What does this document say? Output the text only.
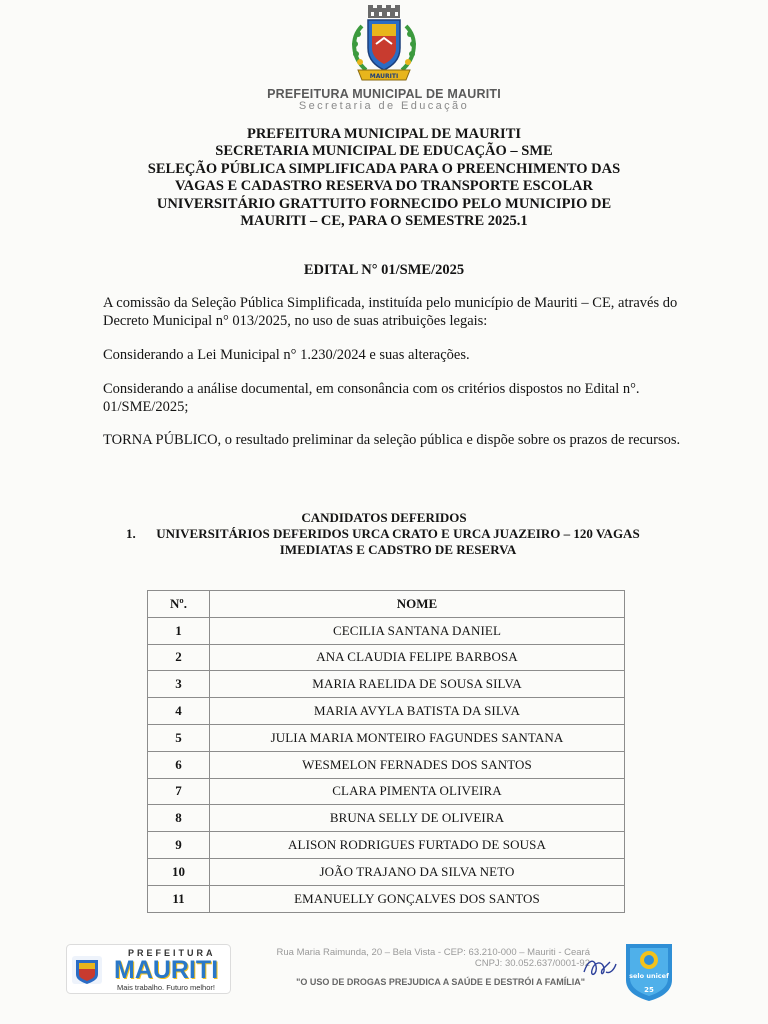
MAURITI
PREFEITURA MUNICIPAL DE MAURITI
Secretaria de Educação
PREFEITURA MUNICIPAL DE MAURITI
SECRETARIA MUNICIPAL DE EDUCAÇÃO – SME
SELEÇÃO PÚBLICA SIMPLIFICADA PARA O PREENCHIMENTO DAS
VAGAS E CADASTRO RESERVA DO TRANSPORTE ESCOLAR
UNIVERSITÁRIO GRATTUITO FORNECIDO PELO MUNICIPIO DE
MAURITI – CE, PARA O SEMESTRE 2025.1
EDITAL N° 01/SME/2025
A comissão da Seleção Pública Simplificada, instituída pelo município de Mauriti – CE, através do Decreto Municipal n° 013/2025, no uso de suas atribuições legais:
Considerando a Lei Municipal n° 1.230/2024 e suas alterações.
Considerando a análise documental, em consonância com os critérios dispostos no Edital n°. 01/SME/2025;
TORNA PÚBLICO, o resultado preliminar da seleção pública e dispõe sobre os prazos de recursos.
CANDIDATOS DEFERIDOS
1.	UNIVERSITÁRIOS DEFERIDOS URCA CRATO E URCA JUAZEIRO – 120 VAGAS IMEDIATAS E CADSTRO DE RESERVA
Nº.	NOME
1	CECILIA SANTANA DANIEL
2	ANA CLAUDIA FELIPE BARBOSA
3	MARIA RAELIDA DE SOUSA SILVA
4	MARIA AVYLA BATISTA DA SILVA
5	JULIA MARIA MONTEIRO FAGUNDES SANTANA
6	WESMELON FERNADES DOS SANTOS
7	CLARA PIMENTA OLIVEIRA
8	BRUNA SELLY DE OLIVEIRA
9	ALISON RODRIGUES FURTADO DE SOUSA
10	JOÃO TRAJANO DA SILVA NETO
11	EMANUELLY GONÇALVES DOS SANTOS
PREFEITURA
MAURITI
Mais trabalho. Futuro melhor!
Rua Maria Raimunda, 20 – Bela Vista - CEP: 63.210-000 – Mauriti - Ceará
CNPJ: 30.052.637/0001-92
"O USO DE DROGAS PREJUDICA A SAÚDE E DESTRÓI A FAMÍLIA"
selo unicef
25
